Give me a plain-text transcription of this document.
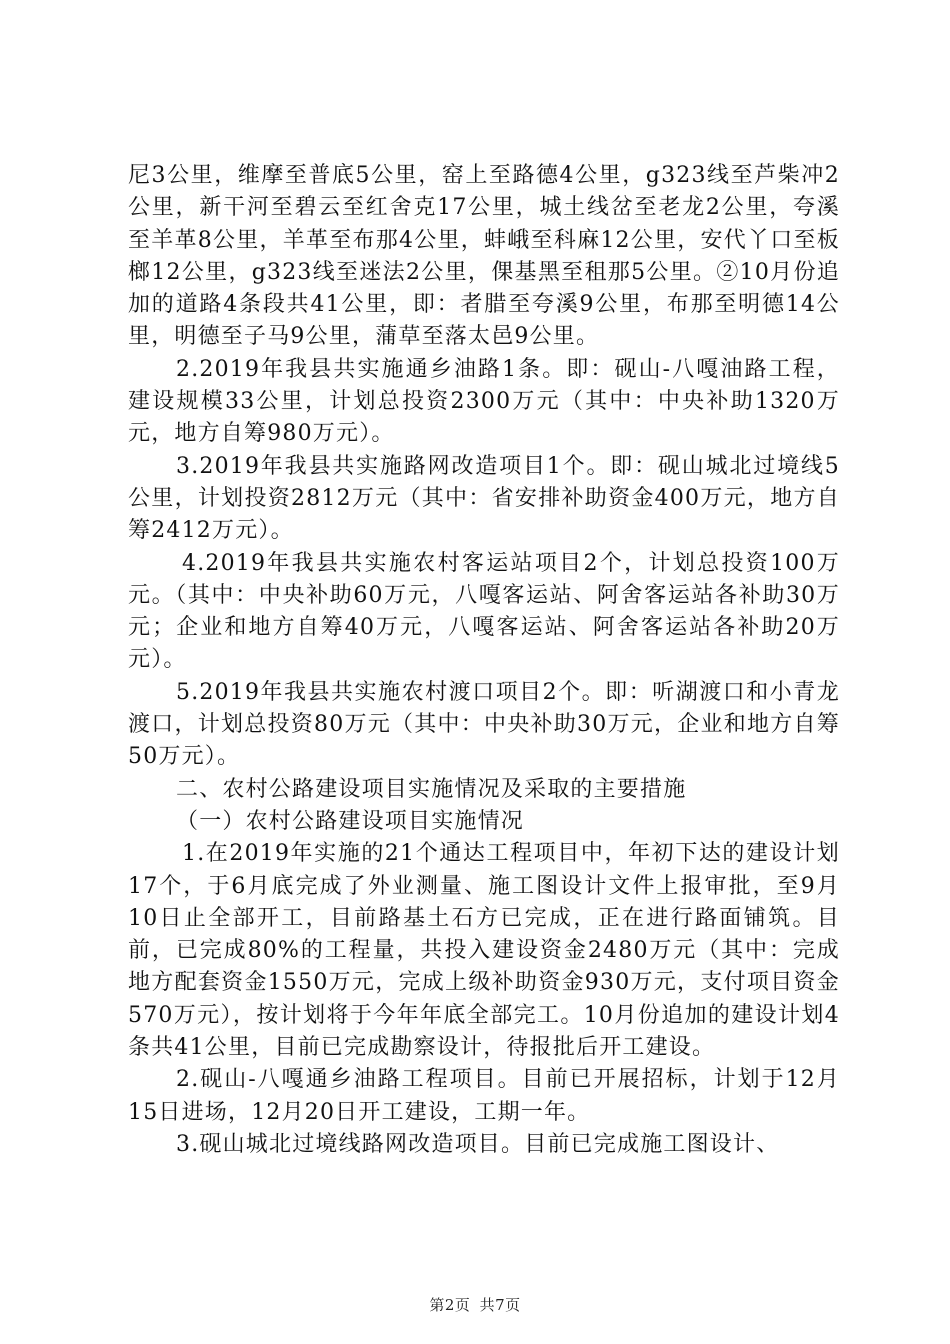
尼3公里，维摩至普底5公里，窑上至路德4公里，g323线至芦柴冲2公里，新干河至碧云至红舍克17公里，城土线岔至老龙2公里，夸溪至羊革8公里，羊革至布那4公里，蚌峨至科麻12公里，安代丫口至板榔12公里，g323线至迷法2公里，倮基黑至租那5公里。②10月份追加的道路4条段共41公里，即：者腊至夸溪9公里，布那至明德14公里，明德至子马9公里，蒲草至落太邑9公里。

2.2019年我县共实施通乡油路1条。即：砚山-八嘎油路工程，建设规模33公里，计划总投资2300万元（其中：中央补助1320万元，地方自筹980万元）。

3.2019年我县共实施路网改造项目1个。即：砚山城北过境线5公里，计划投资2812万元（其中：省安排补助资金400万元，地方自筹2412万元）。

4.2019年我县共实施农村客运站项目2个，计划总投资100万元。（其中：中央补助60万元，八嘎客运站、阿舍客运站各补助30万元；企业和地方自筹40万元，八嘎客运站、阿舍客运站各补助20万元）。

5.2019年我县共实施农村渡口项目2个。即：听湖渡口和小青龙渡口，计划总投资80万元（其中：中央补助30万元，企业和地方自筹50万元）。

二、农村公路建设项目实施情况及采取的主要措施

（一）农村公路建设项目实施情况

1.在2019年实施的21个通达工程项目中，年初下达的建设计划17个，于6月底完成了外业测量、施工图设计文件上报审批，至9月10日止全部开工，目前路基土石方已完成，正在进行路面铺筑。目前，已完成80%的工程量，共投入建设资金2480万元（其中：完成地方配套资金1550万元，完成上级补助资金930万元，支付项目资金570万元），按计划将于今年年底全部完工。10月份追加的建设计划4条共41公里，目前已完成勘察设计，待报批后开工建设。

2.砚山-八嘎通乡油路工程项目。目前已开展招标，计划于12月15日进场，12月20日开工建设，工期一年。

3.砚山城北过境线路网改造项目。目前已完成施工图设计、

第2页 共7页
